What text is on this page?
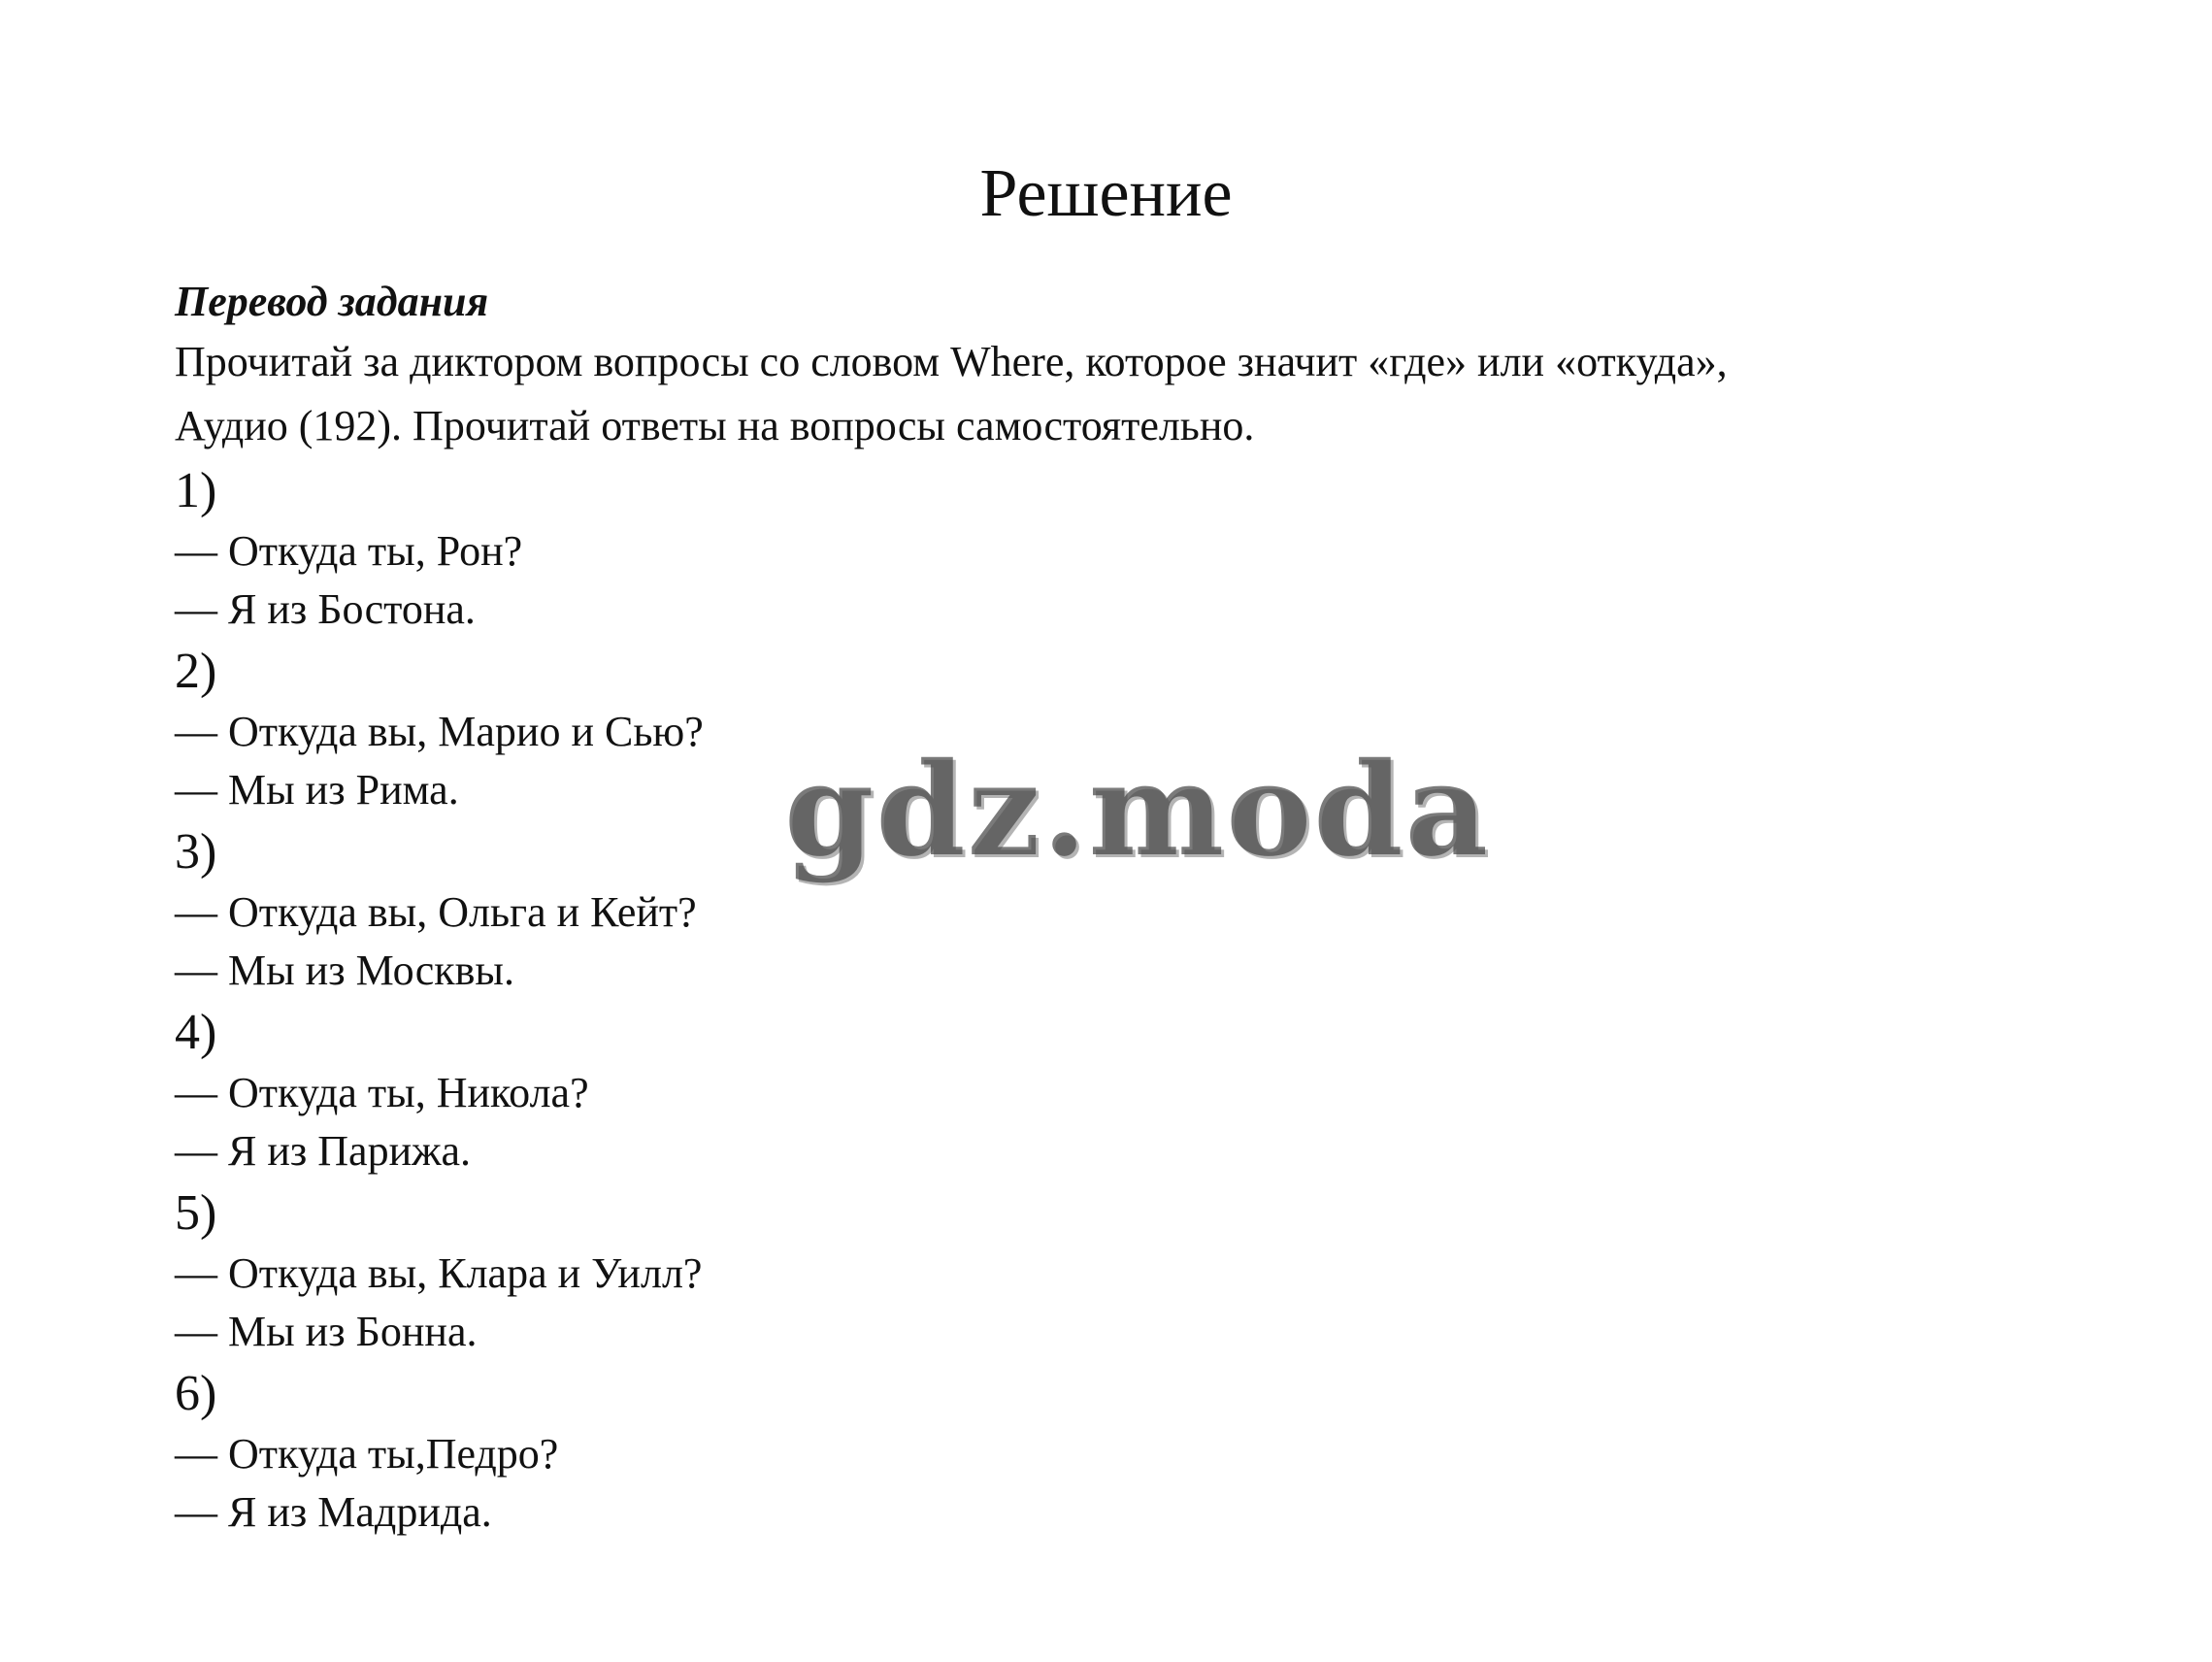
Решение
Перевод задания
Прочитай за диктором вопросы со словом Where, которое значит «где» или «откуда»,
Аудио (192). Прочитай ответы на вопросы самостоятельно.
1)
— Откуда ты, Рон?
— Я из Бостона.
2)
— Откуда вы, Марио и Сью?
— Мы из Рима.
3)
— Откуда вы, Ольга и Кейт?
— Мы из Москвы.
4)
— Откуда ты, Никола?
— Я из Парижа.
5)
— Откуда вы, Клара и Уилл?
— Мы из Бонна.
6)
— Откуда ты,Педро?
— Я из Мадрида.
gdz.moda
